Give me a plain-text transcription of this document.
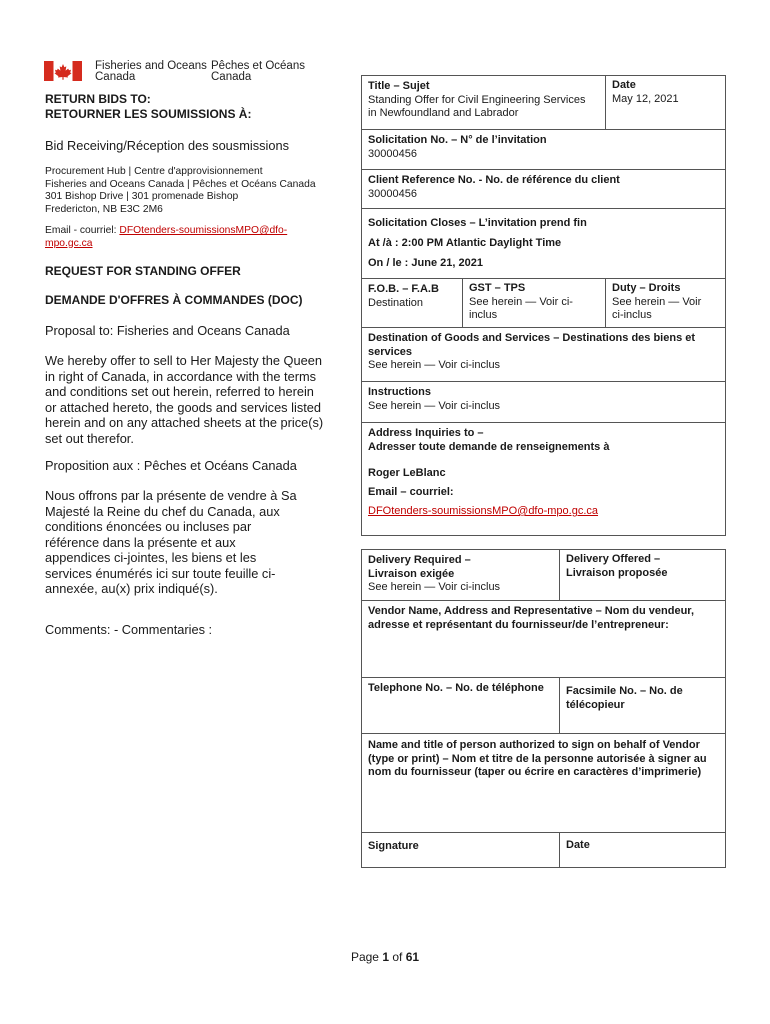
Fisheries and Oceans
Canada
Pêches et Océans
Canada
RETURN BIDS TO:
RETOURNER LES SOUMISSIONS À:
Bid Receiving/Réception des sousmissions
Procurement Hub | Centre d'approvisionnement
Fisheries and Oceans Canada | Pêches et Océans Canada
301 Bishop Drive | 301 promenade Bishop
Fredericton, NB E3C 2M6
Email - courriel: DFOtenders-soumissionsMPO@dfo-
mpo.gc.ca
REQUEST FOR STANDING OFFER
DEMANDE D'OFFRES À COMMANDES (DOC)
Proposal to: Fisheries and Oceans Canada
We hereby offer to sell to Her Majesty the Queen
in right of Canada, in accordance with the terms
and conditions set out herein, referred to herein
or attached hereto, the goods and services listed
herein and on any attached sheets at the price(s)
set out therefor.
Proposition aux : Pêches et Océans Canada
Nous offrons par la présente de vendre à Sa
Majesté la Reine du chef du Canada, aux
conditions énoncées ou incluses par
référence dans la présente et aux
appendices ci-jointes, les biens et les
services énumérés ici sur toute feuille ci-
annexée, au(x) prix indiqué(s).
Comments: - Commentaries :
Title – Sujet
Standing Offer for Civil Engineering Services
in Newfoundland and Labrador
Date
May 12, 2021
Solicitation No. – N° de l’invitation
30000456
Client Reference No. - No. de référence du client
30000456
Solicitation Closes – L’invitation prend fin
At /à : 2:00 PM Atlantic Daylight Time
On / le : June 21, 2021
F.O.B. – F.A.B
Destination
GST – TPS
See herein — Voir ci-
inclus
Duty – Droits
See herein — Voir
ci-inclus
Destination of Goods and Services – Destinations des biens et
services
See herein — Voir ci-inclus
Instructions
See herein — Voir ci-inclus
Address Inquiries to –
Adresser toute demande de renseignements à
Roger LeBlanc
Email – courriel:
DFOtenders-soumissionsMPO@dfo-mpo.gc.ca
Delivery Required –
Livraison exigée
See herein — Voir ci-inclus
Delivery Offered –
Livraison proposée
Vendor Name, Address and Representative – Nom du vendeur,
adresse et représentant du fournisseur/de l’entrepreneur:
Telephone No. – No. de téléphone	Facsimile No. – No. de
télécopieur
Name and title of person authorized to sign on behalf of Vendor
(type or print) – Nom et titre de la personne autorisée à signer au
nom du fournisseur (taper ou écrire en caractères d’imprimerie)
Signature	Date
Page 1 of 61
